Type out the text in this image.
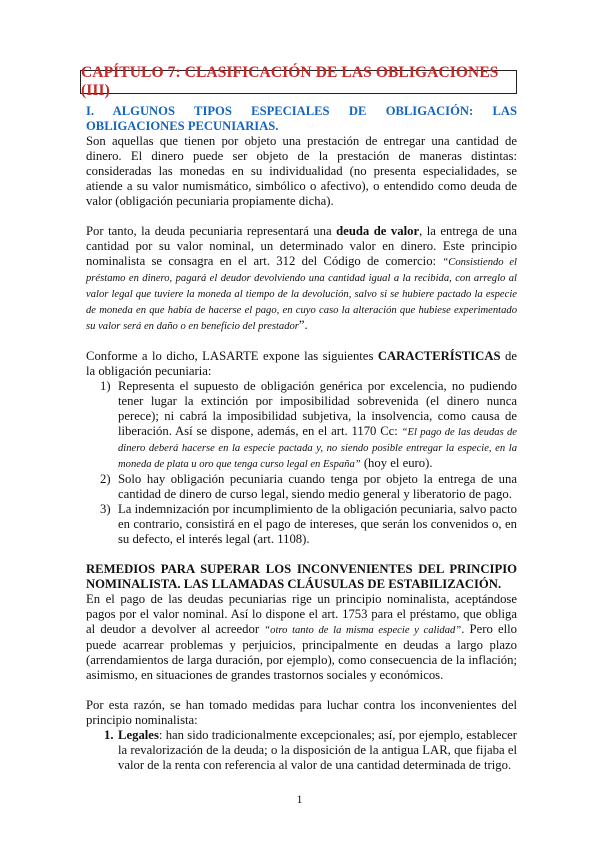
CAPÍTULO 7: CLASIFICACIÓN DE LAS OBLIGACIONES (III)

I. ALGUNOS TIPOS ESPECIALES DE OBLIGACIÓN: LAS OBLIGACIONES PECUNIARIAS.

Son aquellas que tienen por objeto una prestación de entregar una cantidad de dinero. El dinero puede ser objeto de la prestación de maneras distintas: consideradas las monedas en su individualidad (no presenta especialidades, se atiende a su valor numismático, simbólico o afectivo), o entendido como deuda de valor (obligación pecuniaria propiamente dicha).

Por tanto, la deuda pecuniaria representará una deuda de valor, la entrega de una cantidad por su valor nominal, un determinado valor en dinero. Este principio nominalista se consagra en el art. 312 del Código de comercio: “Consistiendo el préstamo en dinero, pagará el deudor devolviendo una cantidad igual a la recibida, con arreglo al valor legal que tuviere la moneda al tiempo de la devolución, salvo si se hubiere pactado la especie de moneda en que había de hacerse el pago, en cuyo caso la alteración que hubiese experimentado su valor será en daño o en beneficio del prestador”.

Conforme a lo dicho, LASARTE expone las siguientes CARACTERÍSTICAS de la obligación pecuniaria:

1) Representa el supuesto de obligación genérica por excelencia, no pudiendo tener lugar la extinción por imposibilidad sobrevenida (el dinero nunca perece); ni cabrá la imposibilidad subjetiva, la insolvencia, como causa de liberación. Así se dispone, además, en el art. 1170 Cc: “El pago de las deudas de dinero deberá hacerse en la especie pactada y, no siendo posible entregar la especie, en la moneda de plata u oro que tenga curso legal en España” (hoy el euro).
2) Solo hay obligación pecuniaria cuando tenga por objeto la entrega de una cantidad de dinero de curso legal, siendo medio general y liberatorio de pago.
3) La indemnización por incumplimiento de la obligación pecuniaria, salvo pacto en contrario, consistirá en el pago de intereses, que serán los convenidos o, en su defecto, el interés legal (art. 1108).

REMEDIOS PARA SUPERAR LOS INCONVENIENTES DEL PRINCIPIO NOMINALISTA. LAS LLAMADAS CLÁUSULAS DE ESTABILIZACIÓN.

En el pago de las deudas pecuniarias rige un principio nominalista, aceptándose pagos por el valor nominal. Así lo dispone el art. 1753 para el préstamo, que obliga al deudor a devolver al acreedor “otro tanto de la misma especie y calidad”. Pero ello puede acarrear problemas y perjuicios, principalmente en deudas a largo plazo (arrendamientos de larga duración, por ejemplo), como consecuencia de la inflación; asimismo, en situaciones de grandes trastornos sociales y económicos.

Por esta razón, se han tomado medidas para luchar contra los inconvenientes del principio nominalista:

1. Legales: han sido tradicionalmente excepcionales; así, por ejemplo, establecer la revalorización de la deuda; o la disposición de la antigua LAR, que fijaba el valor de la renta con referencia al valor de una cantidad determinada de trigo.
1
